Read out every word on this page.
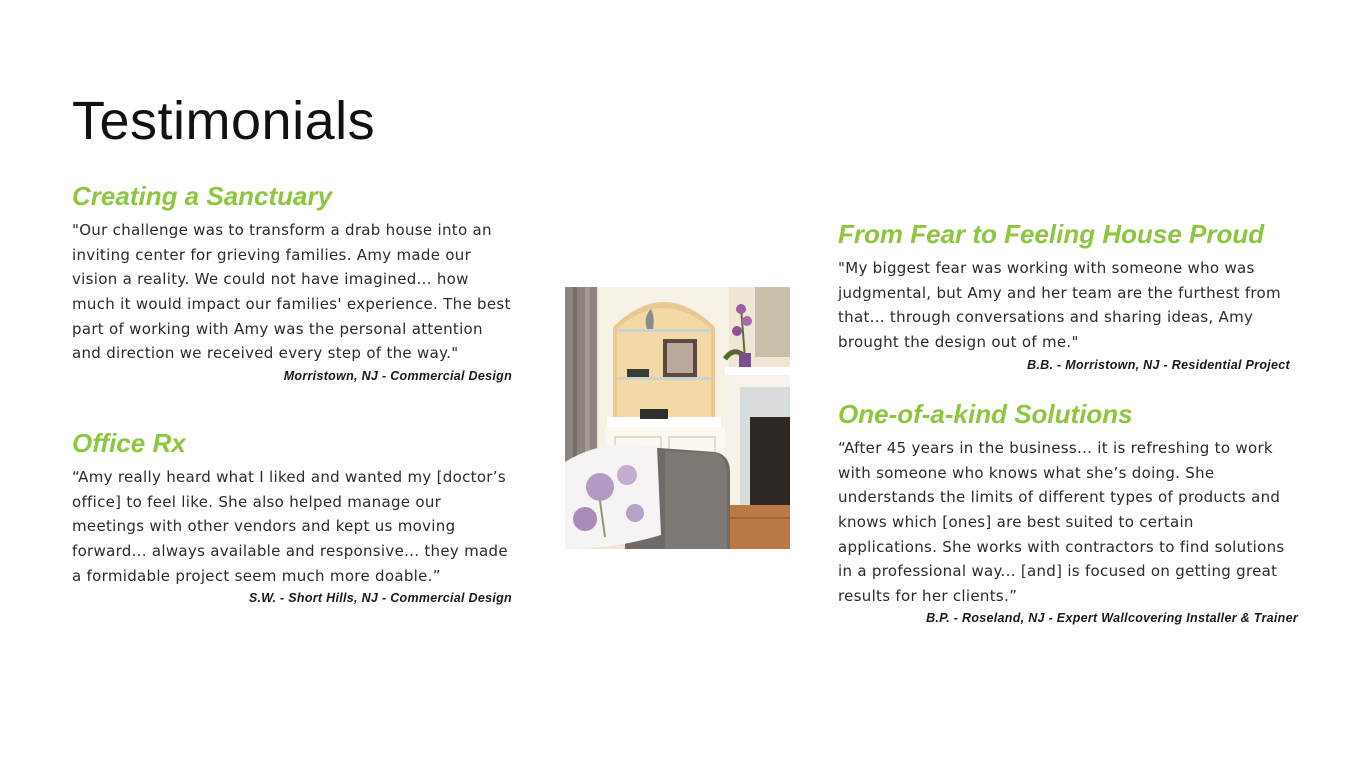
Testimonials
Creating a Sanctuary

"Our challenge was to transform a drab house into an inviting center for grieving families. Amy made our vision a reality. We could not have imagined... how much it would impact our families' experience. The best part of working with Amy was the personal attention and direction we received every step of the way."

Morristown, NJ - Commercial Design

Office Rx

“Amy really heard what I liked and wanted my [doctor’s office] to feel like. She also helped manage our meetings with other vendors and kept us moving forward... always available and responsive... they made a formidable project seem much more doable.”

S.W. - Short Hills, NJ - Commercial Design

From Fear to Feeling House Proud

"My biggest fear was working with someone who was judgmental, but Amy and her team are the furthest from that... through conversations and sharing ideas, Amy brought the design out of me."

B.B. - Morristown, NJ - Residential Project

One-of-a-kind Solutions

“After 45 years in the business... it is refreshing to work with someone who knows what she’s doing. She understands the limits of different types of products and knows which [ones] are best suited to certain applications. She works with contractors to find solutions in a professional way... [and] is focused on getting great results for her clients.”

B.P. - Roseland, NJ - Expert Wallcovering Installer & Trainer
